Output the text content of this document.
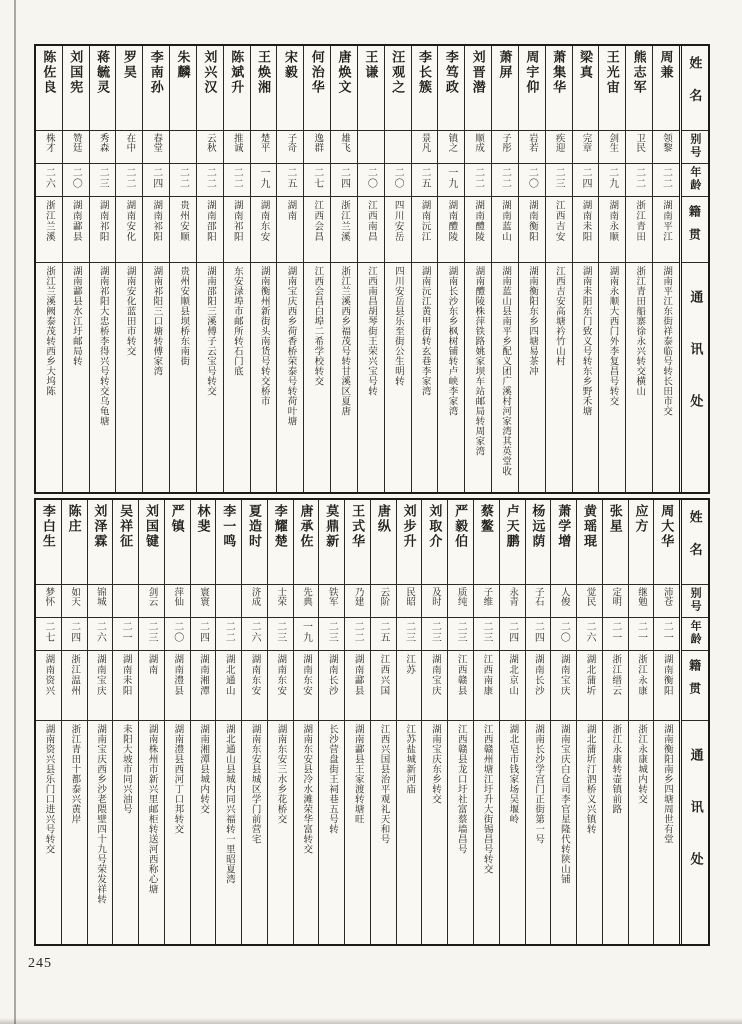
陈佐良
株才
二六
浙江兰溪
浙江兰溪阙泰茂转西乡大坞陈
刘国宪
赞廷
二〇
湖南酃县
湖南酃县水江圩邮局转
蒋毓灵
秀森
二三
湖南祁阳
湖南祁阳大忠桥李得兴号转交乌龟塘
罗昊
在中
二二
湖南安化
湖南安化蓝田市转交
李南孙
春堂
二四
湖南祁阳
湖南祁阳三口塘转傅家湾
朱麟
二二
贵州安顺
贵州安顺县坝桥东南街
刘兴汉
云秋
二二
湖南邵阳
湖南邵阳三溪傅子云宝号转交
陈斌升
推诚
二二
湖南祁阳
东安渌埠市邮所转石门底
王焕湘
楚平
一九
湖南东安
湖南衡州新街头南货号转交桥市
宋毅
子奇
二五
湖南
湖南宝庆西乡荷香桥荣泰号转荷叶塘
何治华
逸群
二七
江西会昌
江西会昌白埠二希学校转交
唐焕文
雄飞
二四
浙江兰溪
浙江兰溪西乡福茂号转甘溪区夏唐
王谦
二〇
江西南昌
江西南昌胡琴街王荣兴宝号转
汪观之
二〇
四川安岳
四川安岳县乐至街公生明转
李长簇
景凡
二五
湖南沅江
湖南沅江黄甲街转玄巷李家湾
李笃政
镇之
一九
湖南醴陵
湖南长沙东乡枫树铺转卢峡李家湾
刘晋潜
顺成
二二
湖南醴陵
湖南醴陵株萍铁路姚家坝车站邮局转周家湾
萧屏
子彤
二二
湖南蓝山
湖南蓝山县南平乡配义团广溪村河家湾其英堂收
周宇仰
岩若
二〇
湖南衡阳
湖南衡阳东乡四塘易茶冲
萧集华
疾迎
二三
江西吉安
江西吉安高塘衿竹山村
梁真
完章
二四
湖南耒阳
湖南耒阳东门致义号转东乡野禾塘
王光宙
剑生
二九
湖南永顺
湖南永顺大西门外李复昌号转交
熊志军
卫民
二二
浙江青田
浙江青田船寨徐永兴转交横山
周兼
领黎
二二
湖南平江
湖南平江东街祥泰临号转长田市交
姓名
别号
年龄
籍贯
通讯处
李白生
梦怀
二七
湖南资兴
湖南资兴县乐门口进兴号转交
陈庄
如天
二四
浙江温州
浙江青田十都泰兴黄岸
刘泽霖
锦城
二六
湖南宝庆
湖南宝庆西乡沙老隈壁四十九号荣发祥转
吴祥征
二一
湖南耒阳
耒阳大坡市同兴油号
刘国键
剑云
二三
湖南
湖南株州市新兴里邮柜转送河西称心塘
严镇
萍仙
二〇
湖南澧县
湖南澧县西河丁口邦转交
林斐
寰寰
二四
湖南湘潭
湖南湘潭县城内转交
李一鸣
二二
湖北通山
湖北通山县城内同兴福转一里昭夏湾
夏造时
济成
二六
湖南东安
湖南东安县城区学门前营宅
李耀楚
士荣
二三
湖南东安
湖南东安三水乡花桥交
唐承佐
先典
一九
湖南东安
湖南东安县冷水滩荣华富转交
莫鼎新
铁军
二三
湖南长沙
长沙营盘街王祠巷五号转
王式华
乃建
二二
湖南酃县
湖南酃县王家渡转塘旺
唐纵
云阶
二五
江西兴国
江西兴国县治平观礼天和号
刘步升
民昭
二三
江苏
江苏盐城新河庙
刘取介
及时
二三
湖南宝庆
湖南宝庆东乡转交
严毅伯
质纯
二三
江西赣县
江西赣县龙口圩社富蔡墙昌号
蔡鳌
子维
二三
江西南康
江西赣州塘江圩升大街锡昌号转交
卢天鹏
永青
二四
湖北京山
湖北皂市钱家场吴堰岭
杨远荫
子石
二四
湖南长沙
湖南长沙学宫门正街第一号
萧学增
人俊
二〇
湖南宝庆
湖南宝庆白仓司李官星隆代转陕山铺
黄瑶琨
觉民
二六
湖北蒲圻
湖北蒲圻汀泗桥义兴镇转
张星
定明
二一
浙江缙云
浙江永康转壶镇前路
应方
继勉
二一
浙江永康
浙江永康城内转交
周大华
沛苍
二一
湖南衡阳
湖南衡阳南乡四塘周世有堂
姓名
别号
年龄
籍贯
通讯处
245
